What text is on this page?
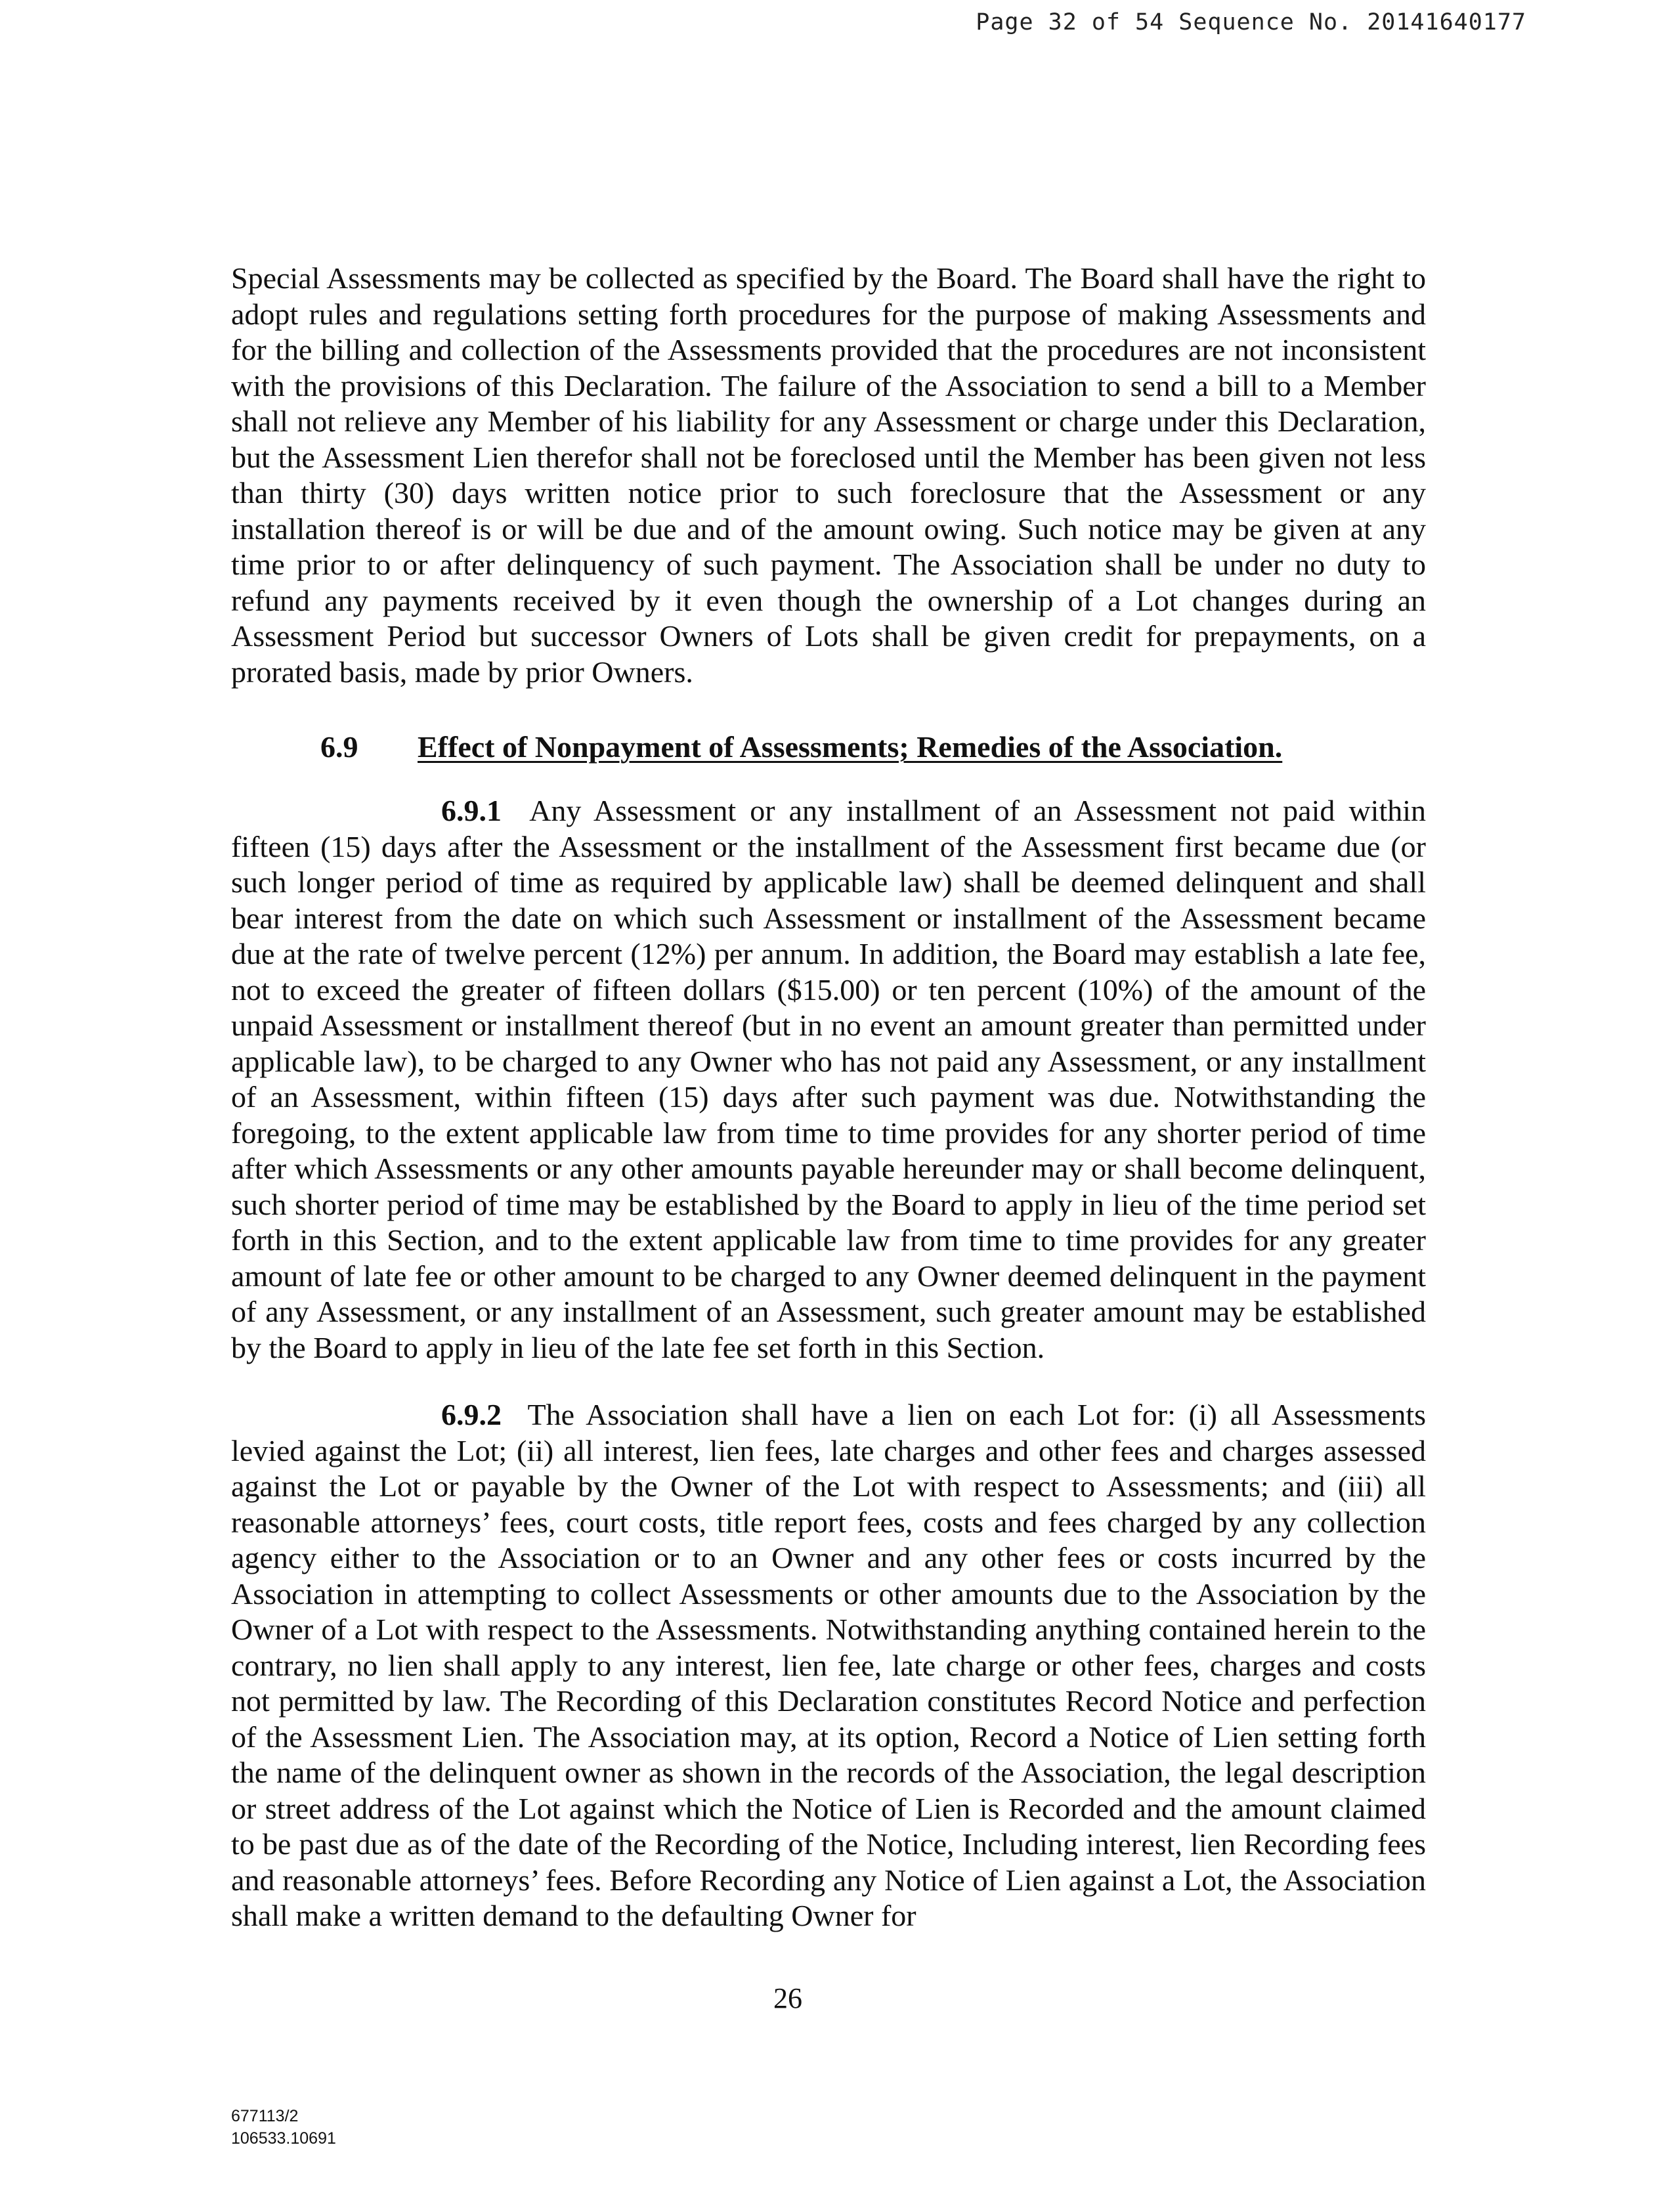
Page 32 of 54 Sequence No. 20141640177
Special Assessments may be collected as specified by the Board. The Board shall have the right to adopt rules and regulations setting forth procedures for the purpose of making Assessments and for the billing and collection of the Assessments provided that the procedures are not inconsistent with the provisions of this Declaration. The failure of the Association to send a bill to a Member shall not relieve any Member of his liability for any Assessment or charge under this Declaration, but the Assessment Lien therefor shall not be foreclosed until the Member has been given not less than thirty (30) days written notice prior to such foreclosure that the Assessment or any installation thereof is or will be due and of the amount owing. Such notice may be given at any time prior to or after delinquency of such payment. The Association shall be under no duty to refund any payments received by it even though the ownership of a Lot changes during an Assessment Period but successor Owners of Lots shall be given credit for prepayments, on a prorated basis, made by prior Owners.
6.9 Effect of Nonpayment of Assessments; Remedies of the Association.
6.9.1 Any Assessment or any installment of an Assessment not paid within fifteen (15) days after the Assessment or the installment of the Assessment first became due (or such longer period of time as required by applicable law) shall be deemed delinquent and shall bear interest from the date on which such Assessment or installment of the Assessment became due at the rate of twelve percent (12%) per annum. In addition, the Board may establish a late fee, not to exceed the greater of fifteen dollars ($15.00) or ten percent (10%) of the amount of the unpaid Assessment or installment thereof (but in no event an amount greater than permitted under applicable law), to be charged to any Owner who has not paid any Assessment, or any installment of an Assessment, within fifteen (15) days after such payment was due. Notwithstanding the foregoing, to the extent applicable law from time to time provides for any shorter period of time after which Assessments or any other amounts payable hereunder may or shall become delinquent, such shorter period of time may be established by the Board to apply in lieu of the time period set forth in this Section, and to the extent applicable law from time to time provides for any greater amount of late fee or other amount to be charged to any Owner deemed delinquent in the payment of any Assessment, or any installment of an Assessment, such greater amount may be established by the Board to apply in lieu of the late fee set forth in this Section.
6.9.2 The Association shall have a lien on each Lot for: (i) all Assessments levied against the Lot; (ii) all interest, lien fees, late charges and other fees and charges assessed against the Lot or payable by the Owner of the Lot with respect to Assessments; and (iii) all reasonable attorneys’ fees, court costs, title report fees, costs and fees charged by any collection agency either to the Association or to an Owner and any other fees or costs incurred by the Association in attempting to collect Assessments or other amounts due to the Association by the Owner of a Lot with respect to the Assessments. Notwithstanding anything contained herein to the contrary, no lien shall apply to any interest, lien fee, late charge or other fees, charges and costs not permitted by law. The Recording of this Declaration constitutes Record Notice and perfection of the Assessment Lien. The Association may, at its option, Record a Notice of Lien setting forth the name of the delinquent owner as shown in the records of the Association, the legal description or street address of the Lot against which the Notice of Lien is Recorded and the amount claimed to be past due as of the date of the Recording of the Notice, Including interest, lien Recording fees and reasonable attorneys’ fees. Before Recording any Notice of Lien against a Lot, the Association shall make a written demand to the defaulting Owner for
26
677113/2
106533.10691
